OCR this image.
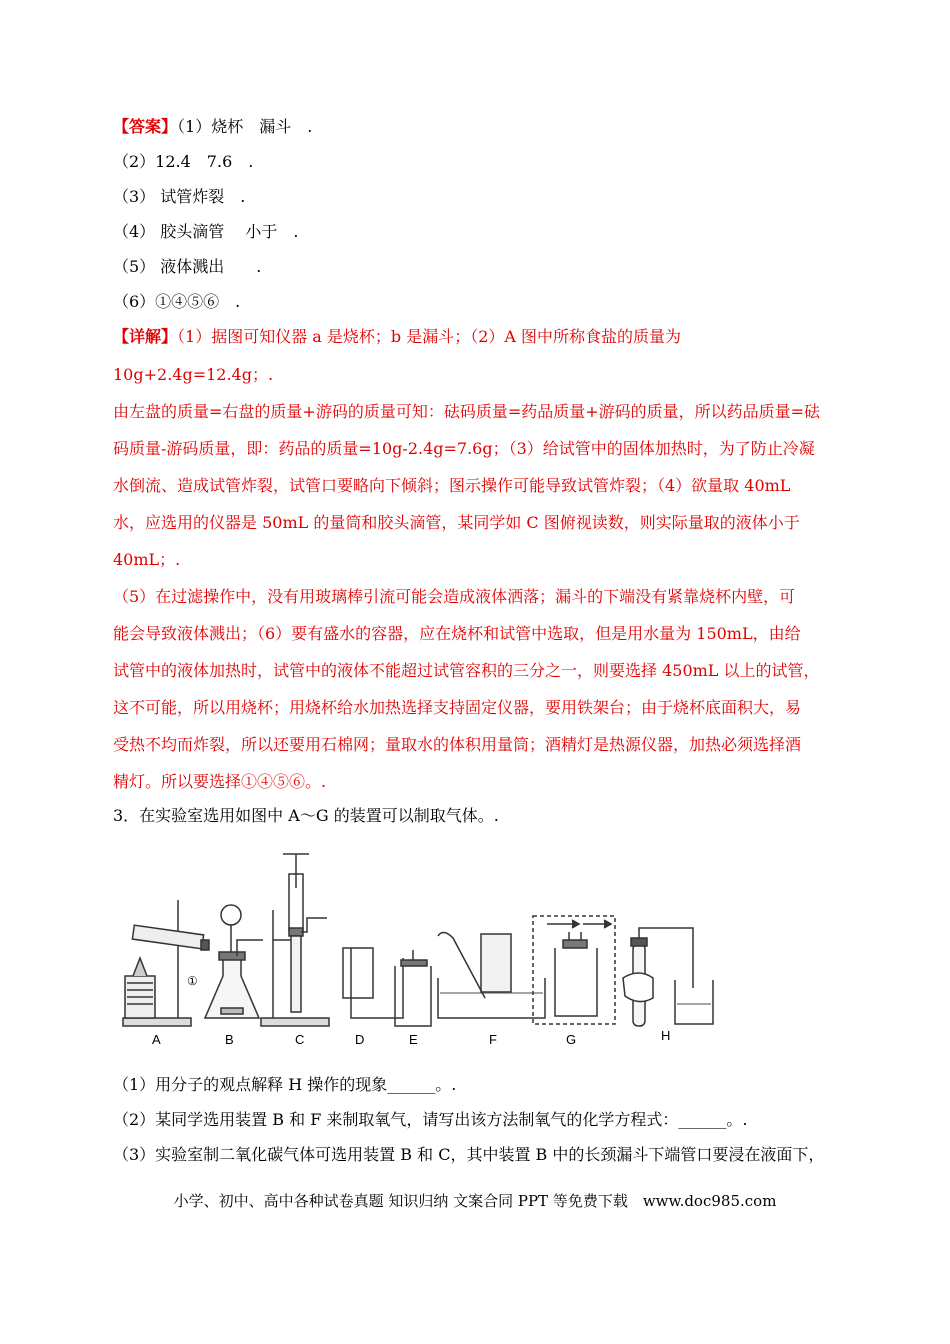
【答案】（1）烧杯　漏斗　.
（2）12.4　7.6　.
（3） 试管炸裂　.
（4） 胶头滴管　 小于　.
（5） 液体溅出　　.
（6）①④⑤⑥　.
【详解】（1）据图可知仪器 a 是烧杯；b 是漏斗；（2）A 图中所称食盐的质量为
10g+2.4g=12.4g；.
由左盘的质量=右盘的质量+游码的质量可知：砝码质量=药品质量+游码的质量，所以药品质量=砝
码质量-游码质量，即：药品的质量=10g-2.4g=7.6g；（3）给试管中的固体加热时，为了防止冷凝
水倒流、造成试管炸裂，试管口要略向下倾斜；图示操作可能导致试管炸裂；（4）欲量取 40mL
水，应选用的仪器是 50mL 的量筒和胶头滴管，某同学如 C 图俯视读数，则实际量取的液体小于
40mL；.
（5）在过滤操作中，没有用玻璃棒引流可能会造成液体洒落；漏斗的下端没有紧靠烧杯内壁，可
能会导致液体溅出；（6）要有盛水的容器，应在烧杯和试管中选取，但是用水量为 150mL，由给
试管中的液体加热时，试管中的液体不能超过试管容积的三分之一，则要选择 450mL 以上的试管，
这不可能，所以用烧杯；用烧杯给水加热选择支持固定仪器，要用铁架台；由于烧杯底面积大，易
受热不均而炸裂，所以还要用石棉网；量取水的体积用量筒；酒精灯是热源仪器，加热必须选择酒
精灯。所以要选择①④⑤⑥。.
3．在实验室选用如图中 A～G 的装置可以制取气体。.
A	B	C	D	E	F	G	H
①
（1）用分子的观点解释 H 操作的现象______。.
（2）某同学选用装置 B 和 F 来制取氧气，请写出该方法制氧气的化学方程式：______。.
（3）实验室制二氧化碳气体可选用装置 B 和 C，其中装置 B 中的长颈漏斗下端管口要浸在液面下，
小学、初中、高中各种试卷真题 知识归纳 文案合同 PPT 等免费下载　www.doc985.com
